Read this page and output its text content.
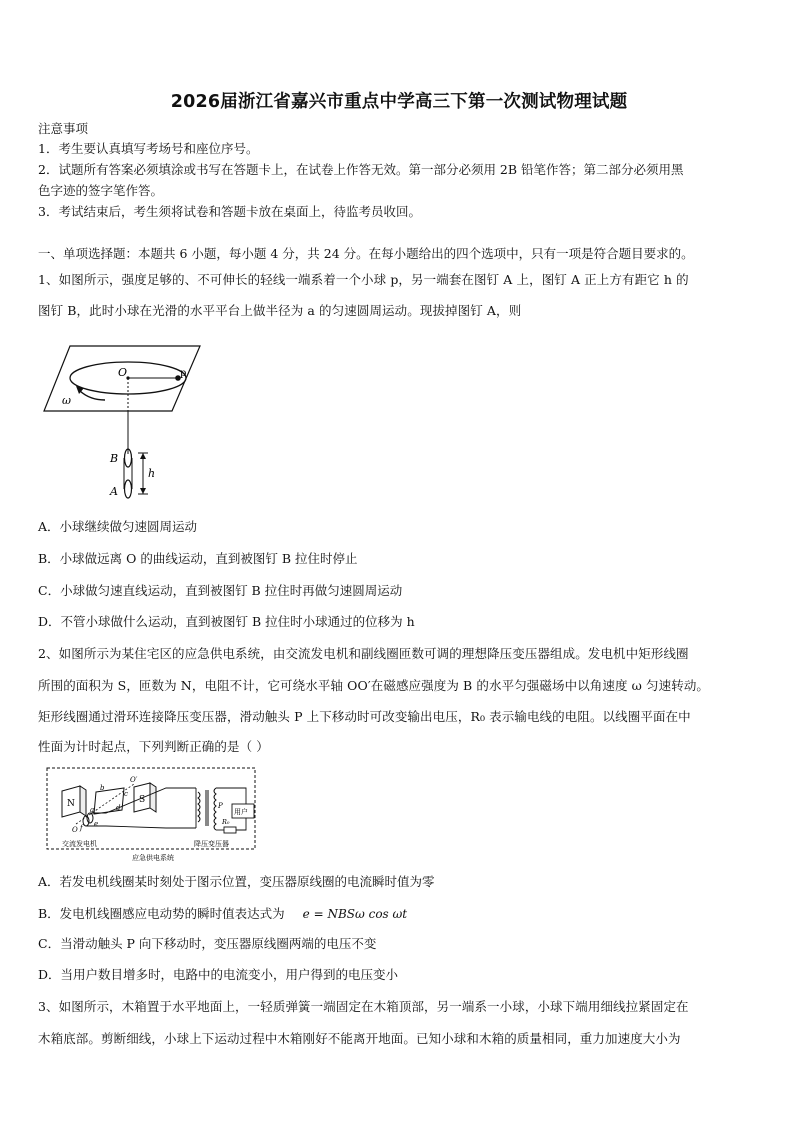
2026届浙江省嘉兴市重点中学高三下第一次测试物理试题
注意事项
1．考生要认真填写考场号和座位序号。
2．试题所有答案必须填涂或书写在答题卡上，在试卷上作答无效。第一部分必须用 2B 铅笔作答；第二部分必须用黑
色字迹的签字笔作答。
3．考试结束后，考生须将试卷和答题卡放在桌面上，待监考员收回。
一、单项选择题：本题共 6 小题，每小题 4 分，共 24 分。在每小题给出的四个选项中，只有一项是符合题目要求的。
1、如图所示，强度足够的、不可伸长的轻线一端系着一个小球 p，另一端套在图钉 A 上，图钉 A 正上方有距它 h 的
图钉 B，此时小球在光滑的水平平台上做半径为 a 的匀速圆周运动。现拔掉图钉 A，则
O	p
ω
B
A
h
A．小球继续做匀速圆周运动
B．小球做远离 O 的曲线运动，直到被图钉 B 拉住时停止
C．小球做匀速直线运动，直到被图钉 B 拉住时再做匀速圆周运动
D．不管小球做什么运动，直到被图钉 B 拉住时小球通过的位移为 h
2、如图所示为某住宅区的应急供电系统，由交流发电机和副线圈匝数可调的理想降压变压器组成。发电机中矩形线圈
所围的面积为 S，匝数为 N，电阻不计，它可绕水平轴 OO′在磁感应强度为 B 的水平匀强磁场中以角速度 ω 匀速转动。
矩形线圈通过滑环连接降压变压器，滑动触头 P 上下移动时可改变输出电压，R₀ 表示输电线的电阻。以线圈平面在中
性面为计时起点，下列判断正确的是（ ）
N	S
O
O′
b
c
a	d
e
f
P
R₀
用户
交流发电机	降压变压器
应急供电系统
A．若发电机线圈某时刻处于图示位置，变压器原线圈的电流瞬时值为零
B．发电机线圈感应电动势的瞬时值表达式为 e = NBSω cos ωt
C．当滑动触头 P 向下移动时，变压器原线圈两端的电压不变
D．当用户数目增多时，电路中的电流变小，用户得到的电压变小
3、如图所示，木箱置于水平地面上，一轻质弹簧一端固定在木箱顶部，另一端系一小球，小球下端用细线拉紧固定在
木箱底部。剪断细线，小球上下运动过程中木箱刚好不能离开地面。已知小球和木箱的质量相同，重力加速度大小为
